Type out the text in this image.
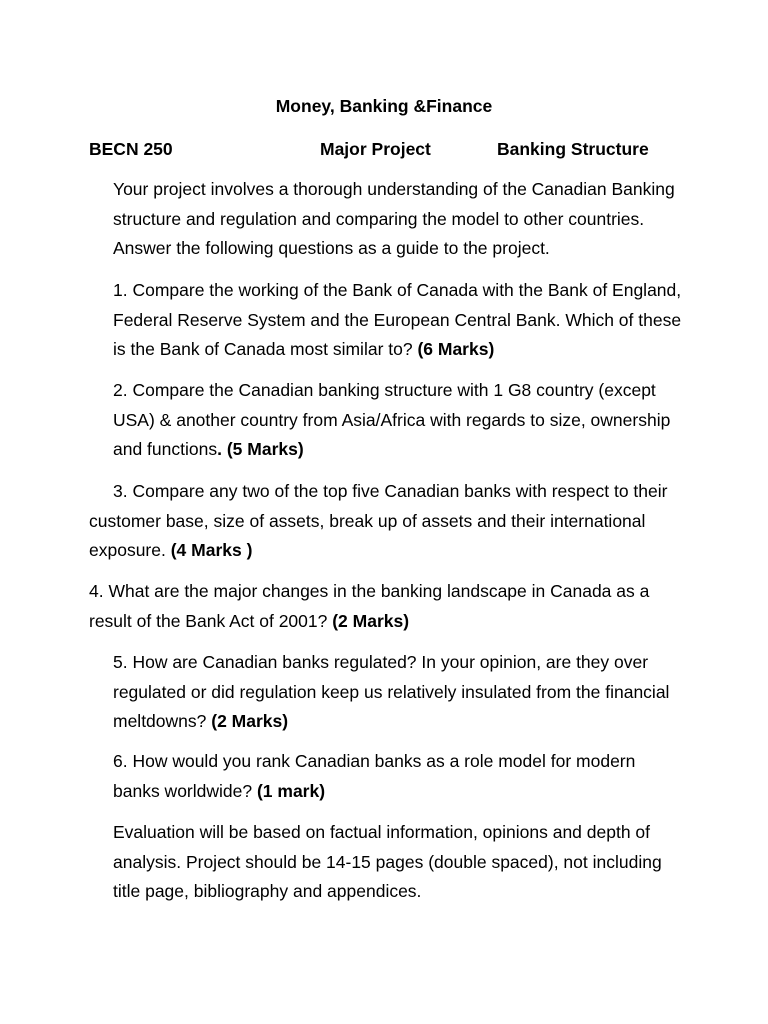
Money, Banking &Finance
BECN 250	Major Project	Banking Structure

Your project involves a thorough understanding of the Canadian Banking structure and regulation and comparing the model to other countries. Answer the following questions as a guide to the project.

1. Compare the working of the Bank of Canada with the Bank of England, Federal Reserve System and the European Central Bank. Which of these is the Bank of Canada most similar to? (6 Marks)

2. Compare the Canadian banking structure with 1 G8 country (except USA) & another country from Asia/Africa with regards to size, ownership and functions. (5 Marks)

3. Compare any two of the top five Canadian banks with respect to their customer base, size of assets, break up of assets and their international exposure. (4 Marks )

4. What are the major changes in the banking landscape in Canada as a result of the Bank Act of 2001? (2 Marks)

5. How are Canadian banks regulated? In your opinion, are they over regulated or did regulation keep us relatively insulated from the financial meltdowns? (2 Marks)

6. How would you rank Canadian banks as a role model for modern banks worldwide? (1 mark)

Evaluation will be based on factual information, opinions and depth of analysis. Project should be 14-15 pages (double spaced), not including title page, bibliography and appendices.
